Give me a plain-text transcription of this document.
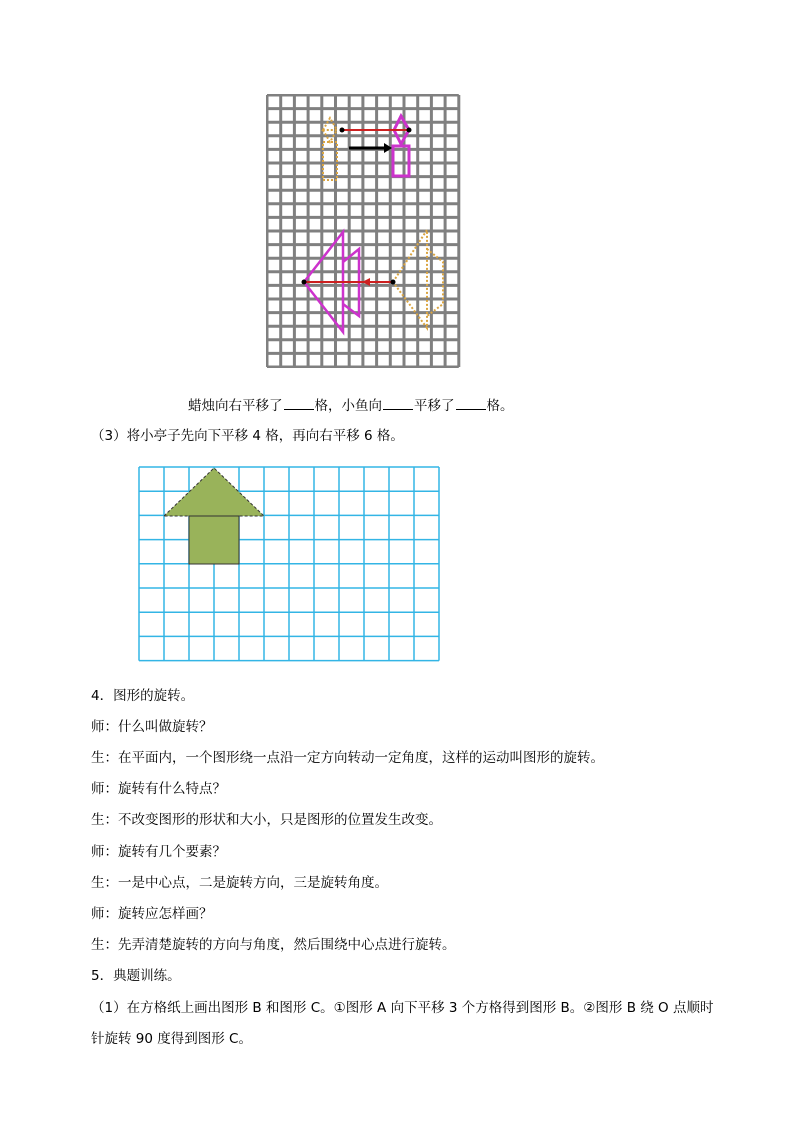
蜡烛向右平移了 格，小鱼向 平移了 格。
（3）将小亭子先向下平移 4 格，再向右平移 6 格。
4．图形的旋转。
师：什么叫做旋转？
生：在平面内，一个图形绕一点沿一定方向转动一定角度，这样的运动叫图形的旋转。
师：旋转有什么特点？
生：不改变图形的形状和大小，只是图形的位置发生改变。
师：旋转有几个要素？
生：一是中心点，二是旋转方向，三是旋转角度。
师：旋转应怎样画？
生：先弄清楚旋转的方向与角度，然后围绕中心点进行旋转。
5．典题训练。
（1）在方格纸上画出图形 B 和图形 C。①图形 A 向下平移 3 个方格得到图形 B。②图形 B 绕 O 点顺时
针旋转 90 度得到图形 C。
